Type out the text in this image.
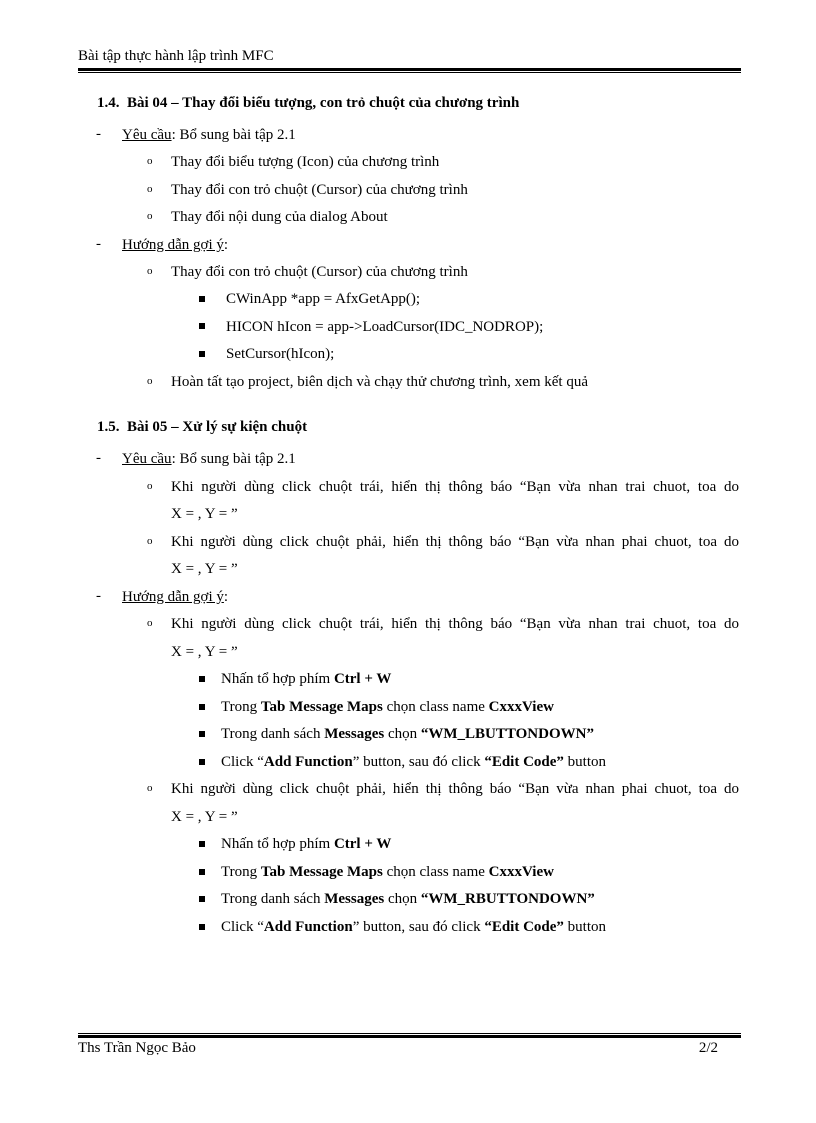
Bài tập thực hành lập trình MFC
1.4. Bài 04 – Thay đổi biểu tượng, con trỏ chuột của chương trình
- Yêu cầu: Bổ sung bài tập 2.1
o Thay đổi biểu tượng (Icon) của chương trình
o Thay đổi con trỏ chuột (Cursor) của chương trình
o Thay đổi nội dung của dialog About
- Hướng dẫn gợi ý:
o Thay đổi con trỏ chuột (Cursor) của chương trình
CWinApp *app = AfxGetApp();
HICON hIcon = app->LoadCursor(IDC_NODROP);
SetCursor(hIcon);
o Hoàn tất tạo project, biên dịch và chạy thử chương trình, xem kết quả
1.5. Bài 05 – Xử lý sự kiện chuột
- Yêu cầu: Bổ sung bài tập 2.1
o Khi người dùng click chuột trái, hiển thị thông báo “Bạn vừa nhan trai chuot, toa do
X = , Y = ”
o Khi người dùng click chuột phải, hiển thị thông báo “Bạn vừa nhan phai chuot, toa do
X = , Y = ”
- Hướng dẫn gợi ý:
o Khi người dùng click chuột trái, hiển thị thông báo “Bạn vừa nhan trai chuot, toa do
X = , Y = ”
Nhấn tổ hợp phím Ctrl + W
Trong Tab Message Maps chọn class name CxxxView
Trong danh sách Messages chọn “WM_LBUTTONDOWN”
Click “Add Function” button, sau đó click “Edit Code” button
o Khi người dùng click chuột phải, hiển thị thông báo “Bạn vừa nhan phai chuot, toa do
X = , Y = ”
Nhấn tổ hợp phím Ctrl + W
Trong Tab Message Maps chọn class name CxxxView
Trong danh sách Messages chọn “WM_RBUTTONDOWN”
Click “Add Function” button, sau đó click “Edit Code” button
Ths Trần Ngọc Bảo	2/2
